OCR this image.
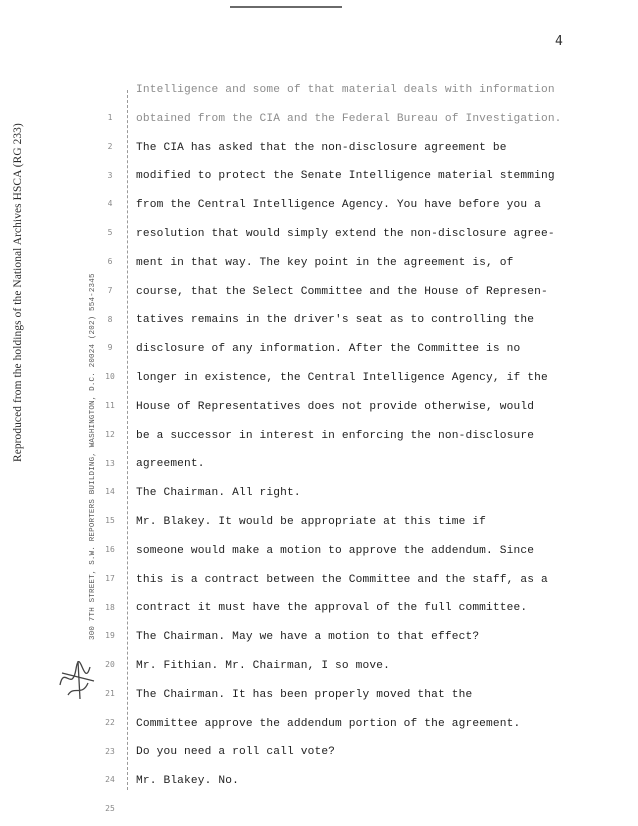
4
Reproduced from the holdings of the National Archives HSCA (RG 233)	300 7TH STREET, S.W. REPORTERS BUILDING, WASHINGTON, D.C. 20024 (202) 554-2345
1
2
3
4
5
6
7
8
9
10
11
12
13
14
15
16
17
18
19
20
21
22
23
24
25
Intelligence and some of that material deals with information
obtained from the CIA and the Federal Bureau of Investigation.
The CIA has asked that the non-disclosure agreement be
modified to protect the Senate Intelligence material stemming
from the Central Intelligence Agency. You have before you a
resolution that would simply extend the non-disclosure agree-
ment in that way. The key point in the agreement is, of
course, that the Select Committee and the House of Represen-
tatives remains in the driver's seat as to controlling the
disclosure of any information. After the Committee is no
longer in existence, the Central Intelligence Agency, if the
House of Representatives does not provide otherwise, would
be a successor in interest in enforcing the non-disclosure
agreement.
The Chairman. All right.
Mr. Blakey. It would be appropriate at this time if
someone would make a motion to approve the addendum. Since
this is a contract between the Committee and the staff, as a
contract it must have the approval of the full committee.
The Chairman. May we have a motion to that effect?
Mr. Fithian. Mr. Chairman, I so move.
The Chairman. It has been properly moved that the
Committee approve the addendum portion of the agreement.
Do you need a roll call vote?
Mr. Blakey. No.
